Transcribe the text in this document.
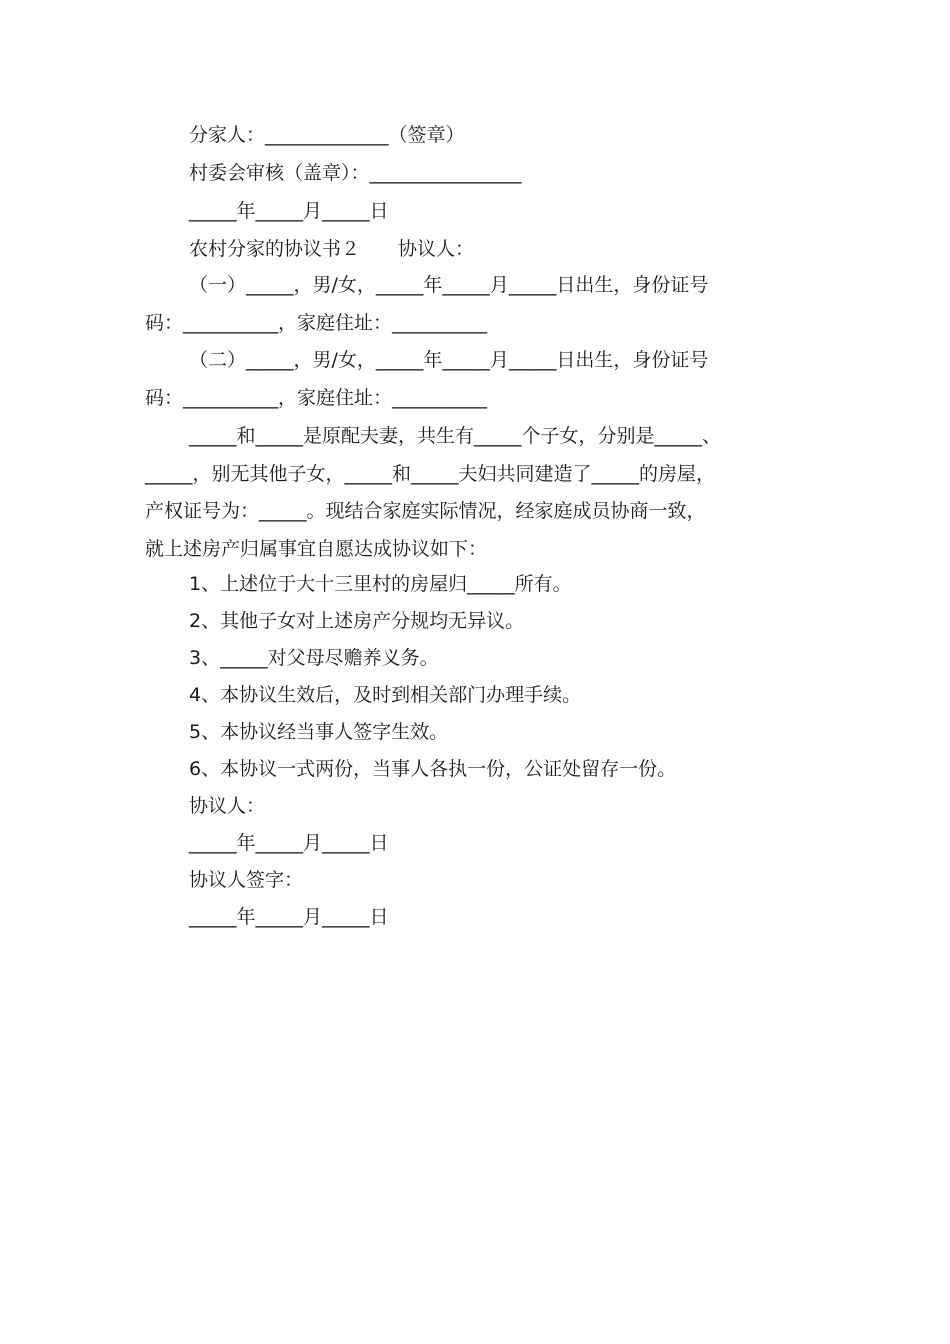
分家人：_____________（签章）
村委会审核（盖章）：________________
_____年_____月_____日
农村分家的协议书２　　协议人：
（一）_____，男/女，_____年_____月_____日出生，身份证号
码：__________，家庭住址：__________
（二）_____，男/女，_____年_____月_____日出生，身份证号
码：__________，家庭住址：__________
_____和_____是原配夫妻，共生有_____个子女，分别是_____、
_____，别无其他子女，_____和_____夫妇共同建造了_____的房屋，
产权证号为：_____。现结合家庭实际情况，经家庭成员协商一致，
就上述房产归属事宜自愿达成协议如下：
1、上述位于大十三里村的房屋归_____所有。
2、其他子女对上述房产分规均无异议。
3、_____对父母尽赡养义务。
4、本协议生效后，及时到相关部门办理手续。
5、本协议经当事人签字生效。
6、本协议一式两份，当事人各执一份，公证处留存一份。
协议人：
_____年_____月_____日
协议人签字：
_____年_____月_____日
